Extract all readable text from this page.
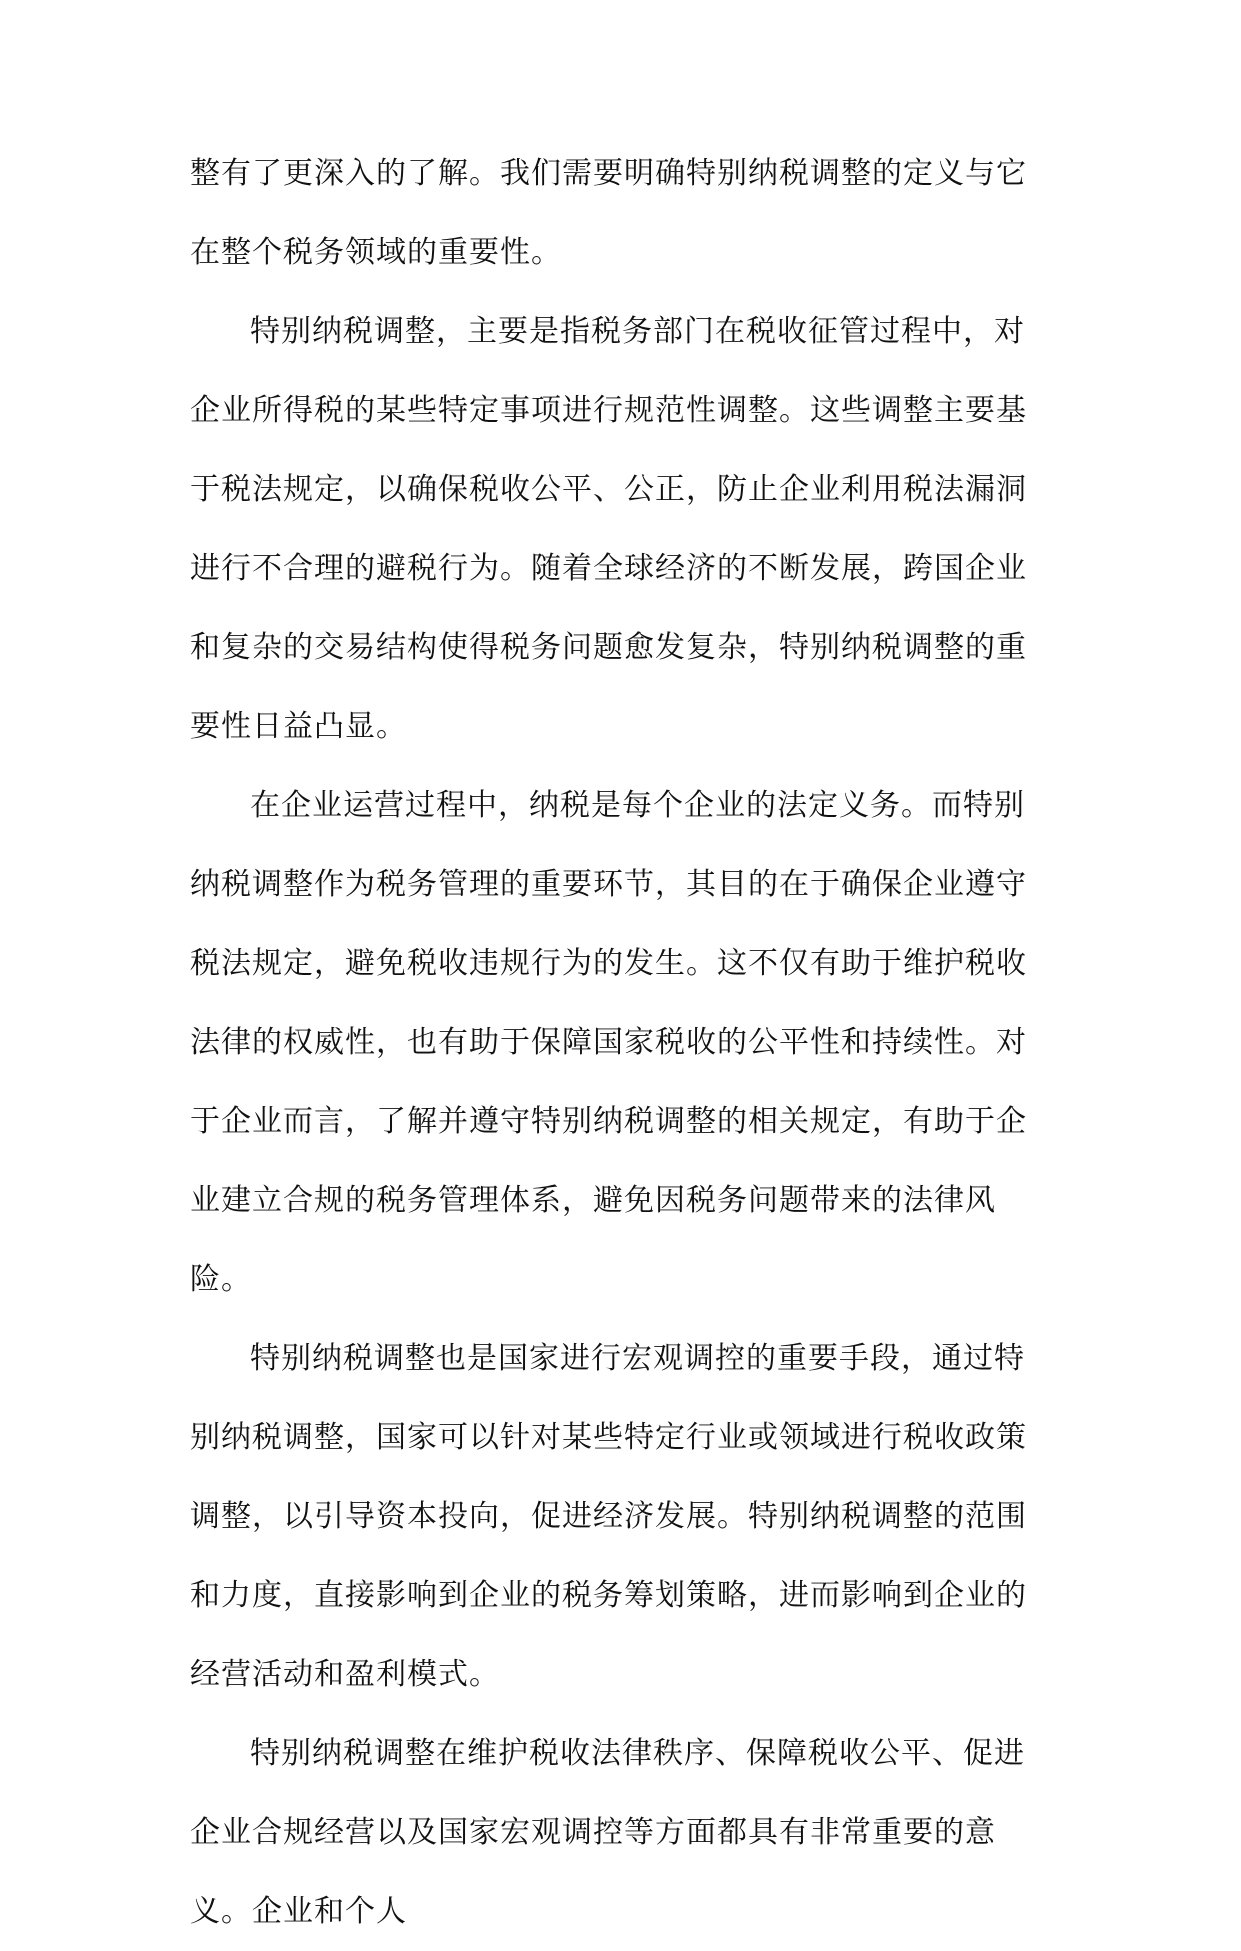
整有了更深入的了解。我们需要明确特别纳税调整的定义与它在整个税务领域的重要性。

特别纳税调整，主要是指税务部门在税收征管过程中，对企业所得税的某些特定事项进行规范性调整。这些调整主要基于税法规定，以确保税收公平、公正，防止企业利用税法漏洞进行不合理的避税行为。随着全球经济的不断发展，跨国企业和复杂的交易结构使得税务问题愈发复杂，特别纳税调整的重要性日益凸显。

在企业运营过程中，纳税是每个企业的法定义务。而特别纳税调整作为税务管理的重要环节，其目的在于确保企业遵守税法规定，避免税收违规行为的发生。这不仅有助于维护税收法律的权威性，也有助于保障国家税收的公平性和持续性。对于企业而言，了解并遵守特别纳税调整的相关规定，有助于企业建立合规的税务管理体系，避免因税务问题带来的法律风险。

特别纳税调整也是国家进行宏观调控的重要手段，通过特别纳税调整，国家可以针对某些特定行业或领域进行税收政策调整，以引导资本投向，促进经济发展。特别纳税调整的范围和力度，直接影响到企业的税务筹划策略，进而影响到企业的经营活动和盈利模式。

特别纳税调整在维护税收法律秩序、保障税收公平、促进企业合规经营以及国家宏观调控等方面都具有非常重要的意义。企业和个人
